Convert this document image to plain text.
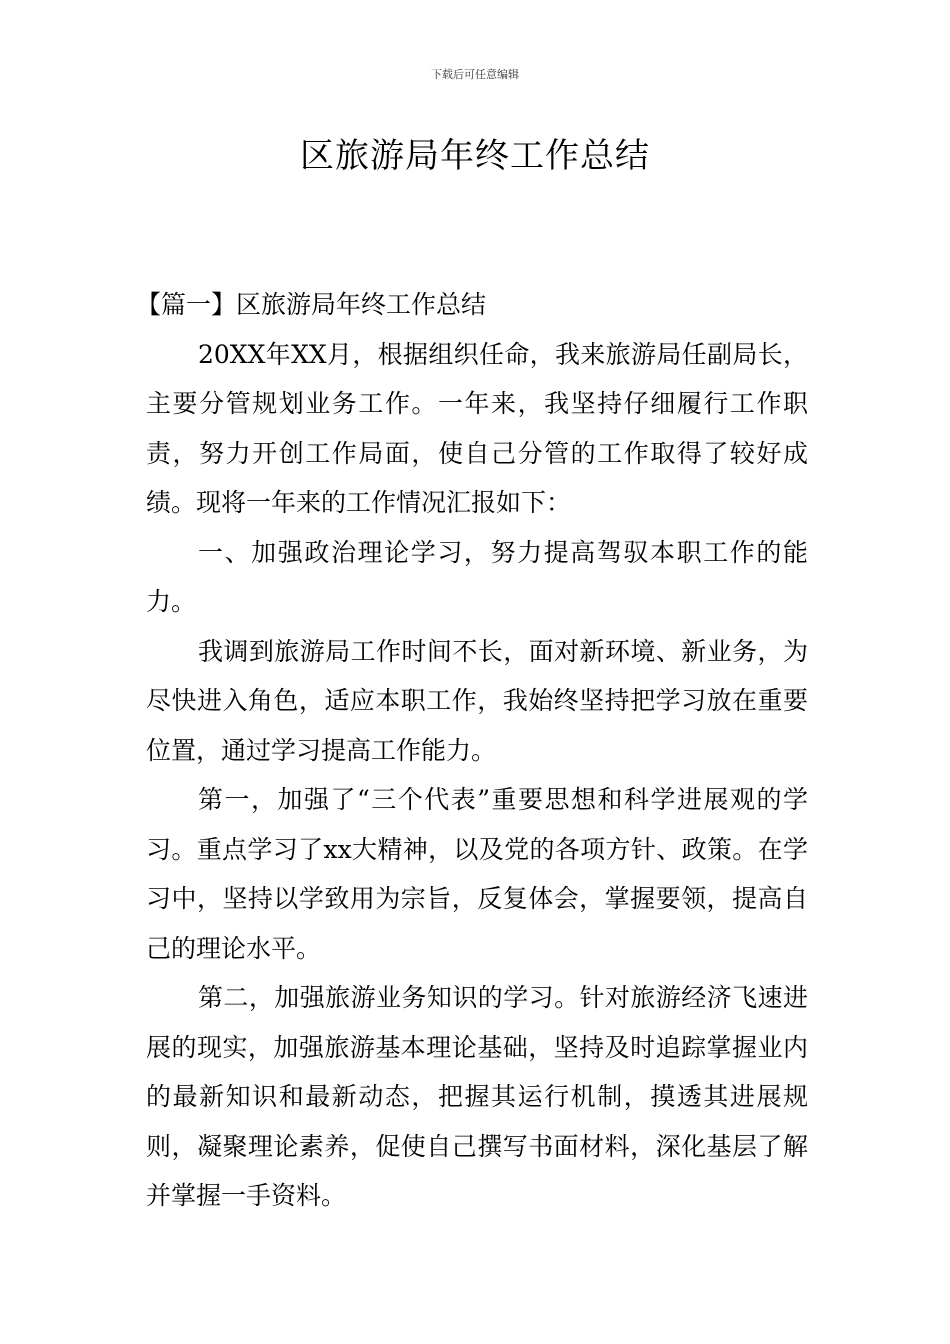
下载后可任意编辑
区旅游局年终工作总结

【篇一】区旅游局年终工作总结

20XX年XX月，根据组织任命，我来旅游局任副局长，主要分管规划业务工作。一年来，我坚持仔细履行工作职责，努力开创工作局面，使自己分管的工作取得了较好成绩。现将一年来的工作情况汇报如下：

一、加强政治理论学习，努力提高驾驭本职工作的能力。

我调到旅游局工作时间不长，面对新环境、新业务，为尽快进入角色，适应本职工作，我始终坚持把学习放在重要位置，通过学习提高工作能力。

第一，加强了“三个代表”重要思想和科学进展观的学习。重点学习了xx大精神，以及党的各项方针、政策。在学习中，坚持以学致用为宗旨，反复体会，掌握要领，提高自己的理论水平。

第二，加强旅游业务知识的学习。针对旅游经济飞速进展的现实，加强旅游基本理论基础，坚持及时追踪掌握业内的最新知识和最新动态，把握其运行机制，摸透其进展规则，凝聚理论素养，促使自己撰写书面材料，深化基层了解并掌握一手资料。
